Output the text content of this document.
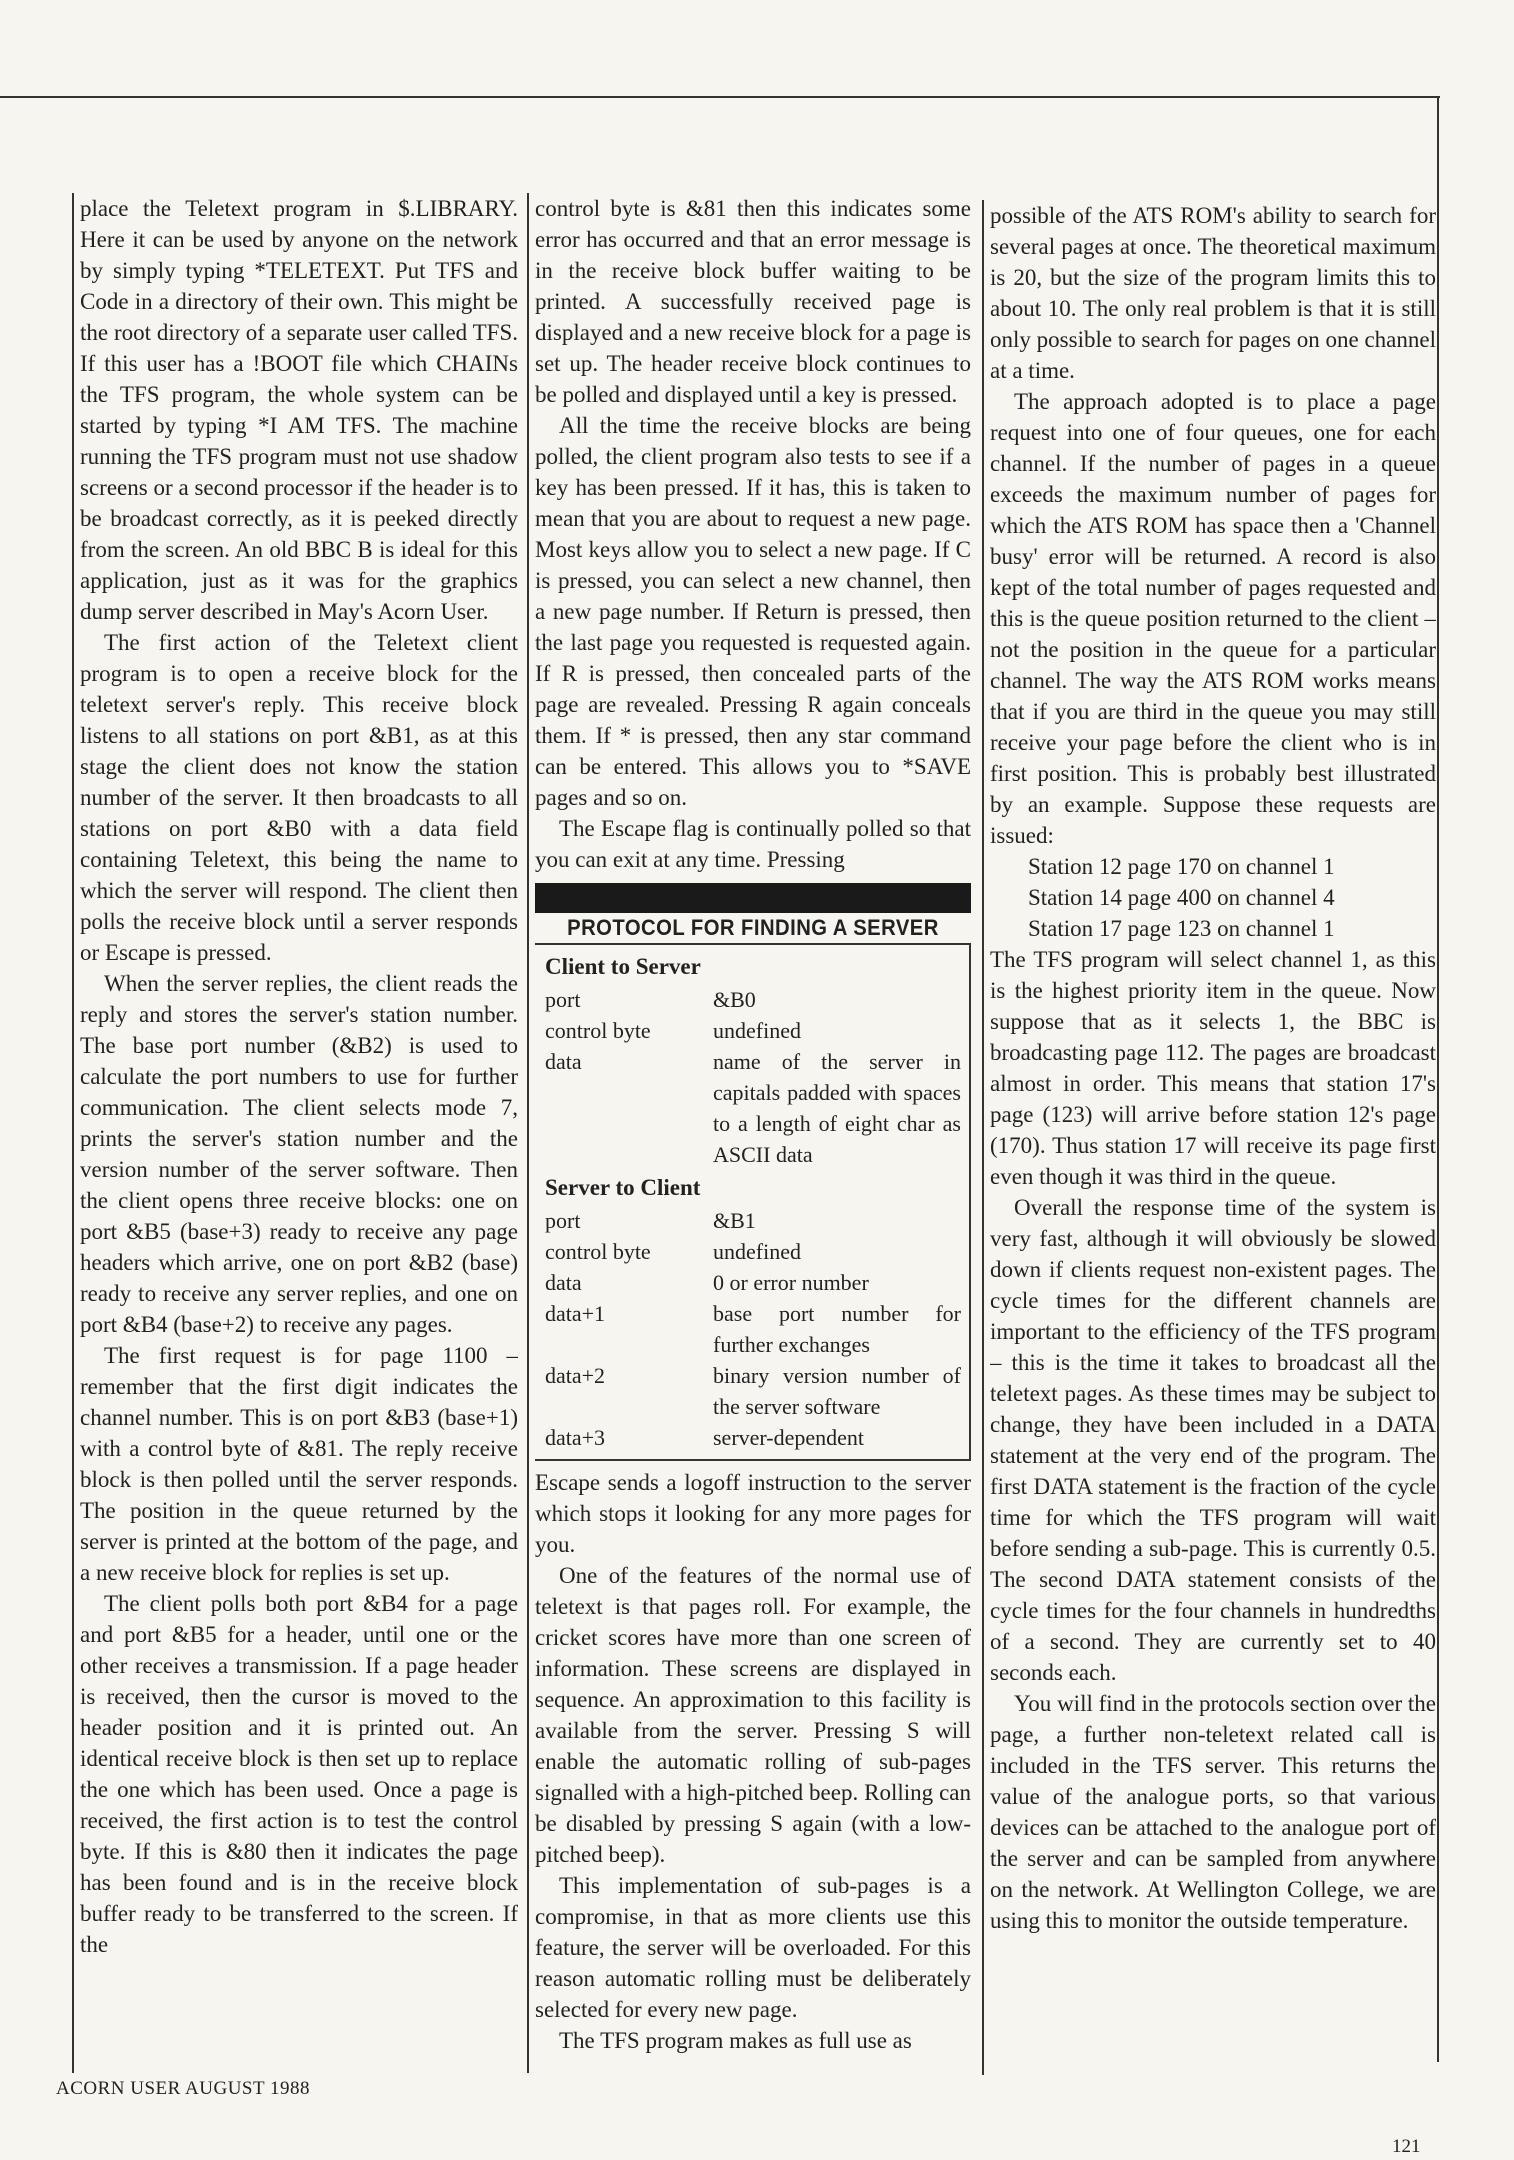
place the Teletext program in $.LIBRARY. Here it can be used by anyone on the network by simply typing *TELETEXT. Put TFS and Code in a directory of their own. This might be the root directory of a separate user called TFS. If this user has a !BOOT file which CHAINs the TFS program, the whole system can be started by typing *I AM TFS. The machine running the TFS program must not use shadow screens or a second processor if the header is to be broadcast correctly, as it is peeked directly from the screen. An old BBC B is ideal for this application, just as it was for the graphics dump server described in May's Acorn User.

The first action of the Teletext client program is to open a receive block for the teletext server's reply. This receive block listens to all stations on port &B1, as at this stage the client does not know the station number of the server. It then broadcasts to all stations on port &B0 with a data field containing Teletext, this being the name to which the server will respond. The client then polls the receive block until a server responds or Escape is pressed.

When the server replies, the client reads the reply and stores the server's station number. The base port number (&B2) is used to calculate the port numbers to use for further communication. The client selects mode 7, prints the server's station number and the version number of the server software. Then the client opens three receive blocks: one on port &B5 (base+3) ready to receive any page headers which arrive, one on port &B2 (base) ready to receive any server replies, and one on port &B4 (base+2) to receive any pages.

The first request is for page 1100 – remember that the first digit indicates the channel number. This is on port &B3 (base+1) with a control byte of &81. The reply receive block is then polled until the server responds. The position in the queue returned by the server is printed at the bottom of the page, and a new receive block for replies is set up.

The client polls both port &B4 for a page and port &B5 for a header, until one or the other receives a transmission. If a page header is received, then the cursor is moved to the header position and it is printed out. An identical receive block is then set up to replace the one which has been used. Once a page is received, the first action is to test the control byte. If this is &80 then it indicates the page has been found and is in the receive block buffer ready to be transferred to the screen. If the

control byte is &81 then this indicates some error has occurred and that an error message is in the receive block buffer waiting to be printed. A successfully received page is displayed and a new receive block for a page is set up. The header receive block continues to be polled and displayed until a key is pressed.

All the time the receive blocks are being polled, the client program also tests to see if a key has been pressed. If it has, this is taken to mean that you are about to request a new page. Most keys allow you to select a new page. If C is pressed, you can select a new channel, then a new page number. If Return is pressed, then the last page you requested is requested again. If R is pressed, then concealed parts of the page are revealed. Pressing R again conceals them. If * is pressed, then any star command can be entered. This allows you to *SAVE pages and so on.

The Escape flag is continually polled so that you can exit at any time. Pressing

PROTOCOL FOR FINDING A SERVER
Client to Server
port	&B0
control byte	undefined
data	name of the server in capitals padded with spaces to a length of eight char as ASCII data
Server to Client
port	&B1
control byte	undefined
data	0 or error number
data+1	base port number for further exchanges
data+2	binary version number of the server software
data+3	server-dependent

Escape sends a logoff instruction to the server which stops it looking for any more pages for you.

One of the features of the normal use of teletext is that pages roll. For example, the cricket scores have more than one screen of information. These screens are displayed in sequence. An approximation to this facility is available from the server. Pressing S will enable the automatic rolling of sub-pages signalled with a high-pitched beep. Rolling can be disabled by pressing S again (with a low-pitched beep).

This implementation of sub-pages is a compromise, in that as more clients use this feature, the server will be overloaded. For this reason automatic rolling must be deliberately selected for every new page.

The TFS program makes as full use as

possible of the ATS ROM's ability to search for several pages at once. The theoretical maximum is 20, but the size of the program limits this to about 10. The only real problem is that it is still only possible to search for pages on one channel at a time.

The approach adopted is to place a page request into one of four queues, one for each channel. If the number of pages in a queue exceeds the maximum number of pages for which the ATS ROM has space then a 'Channel busy' error will be returned. A record is also kept of the total number of pages requested and this is the queue position returned to the client – not the position in the queue for a particular channel. The way the ATS ROM works means that if you are third in the queue you may still receive your page before the client who is in first position. This is probably best illustrated by an example. Suppose these requests are issued:

Station 12 page 170 on channel 1
Station 14 page 400 on channel 4
Station 17 page 123 on channel 1

The TFS program will select channel 1, as this is the highest priority item in the queue. Now suppose that as it selects 1, the BBC is broadcasting page 112. The pages are broadcast almost in order. This means that station 17's page (123) will arrive before station 12's page (170). Thus station 17 will receive its page first even though it was third in the queue.

Overall the response time of the system is very fast, although it will obviously be slowed down if clients request non-existent pages. The cycle times for the different channels are important to the efficiency of the TFS program – this is the time it takes to broadcast all the teletext pages. As these times may be subject to change, they have been included in a DATA statement at the very end of the program. The first DATA statement is the fraction of the cycle time for which the TFS program will wait before sending a sub-page. This is currently 0.5. The second DATA statement consists of the cycle times for the four channels in hundredths of a second. They are currently set to 40 seconds each.

You will find in the protocols section over the page, a further non-teletext related call is included in the TFS server. This returns the value of the analogue ports, so that various devices can be attached to the analogue port of the server and can be sampled from anywhere on the network. At Wellington College, we are using this to monitor the outside temperature.

ACORN USER AUGUST 1988
121
